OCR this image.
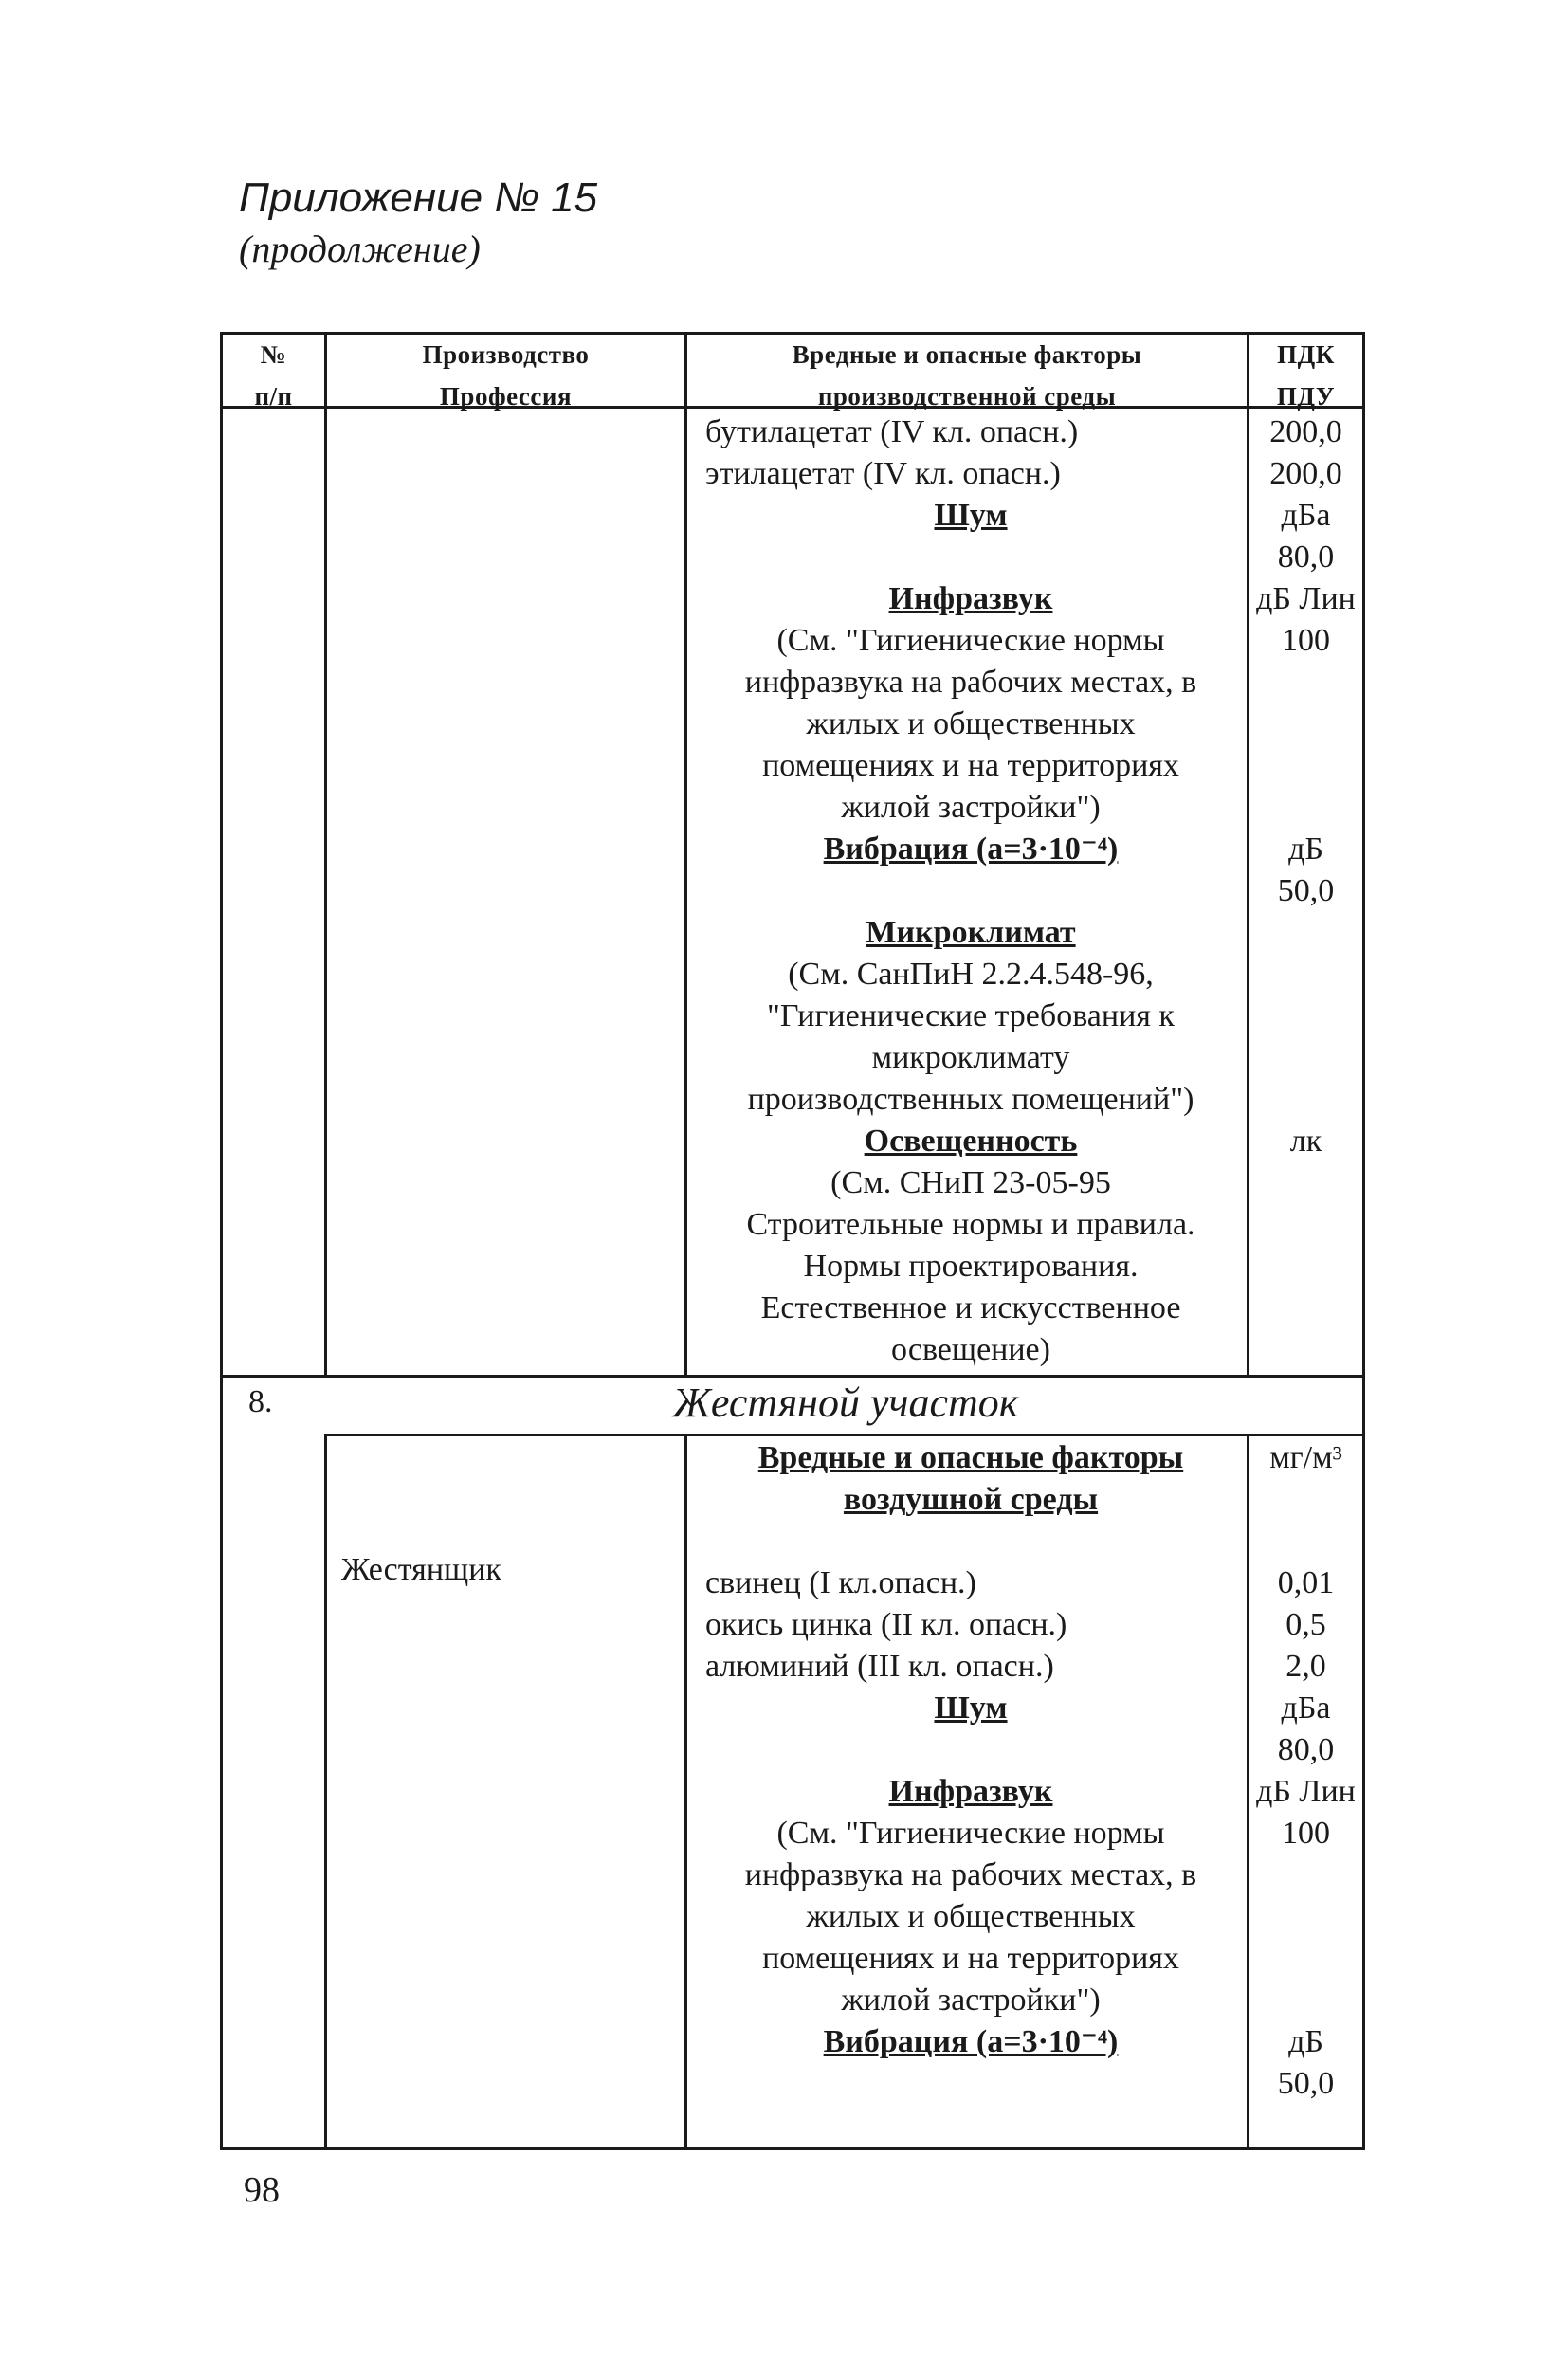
Приложение № 15
(продолжение)
№
п/п
Производство
Профессия
Вредные и опасные факторы
производственной среды
ПДК
ПДУ
бутилацетат (IV кл. опасн.)
этилацетат (IV кл. опасн.)
Шум
Инфразвук
(См. "Гигиенические нормы
инфразвука на рабочих местах, в
жилых и общественных
помещениях и на территориях
жилой застройки")
Вибрация (а=3·10⁻⁴)
Микроклимат
(См. СанПиН 2.2.4.548-96,
"Гигиенические требования к
микроклимату
производственных помещений")
Освещенность
(См. СНиП 23-05-95
Строительные нормы и правила.
Нормы проектирования.
Естественное и искусственное
освещение)
200,0
200,0
дБа
80,0
дБ Лин
100
дБ
50,0
лк
8.	Жестяной участок
Жестянщик
Вредные и опасные факторы
воздушной среды
свинец (I кл.опасн.)
окись цинка (II кл. опасн.)
алюминий (III кл. опасн.)
Шум
Инфразвук
(См. "Гигиенические нормы
инфразвука на рабочих местах, в
жилых и общественных
помещениях и на территориях
жилой застройки")
Вибрация (а=3·10⁻⁴)
мг/м³
0,01
0,5
2,0
дБа
80,0
дБ Лин
100
дБ
50,0
98
